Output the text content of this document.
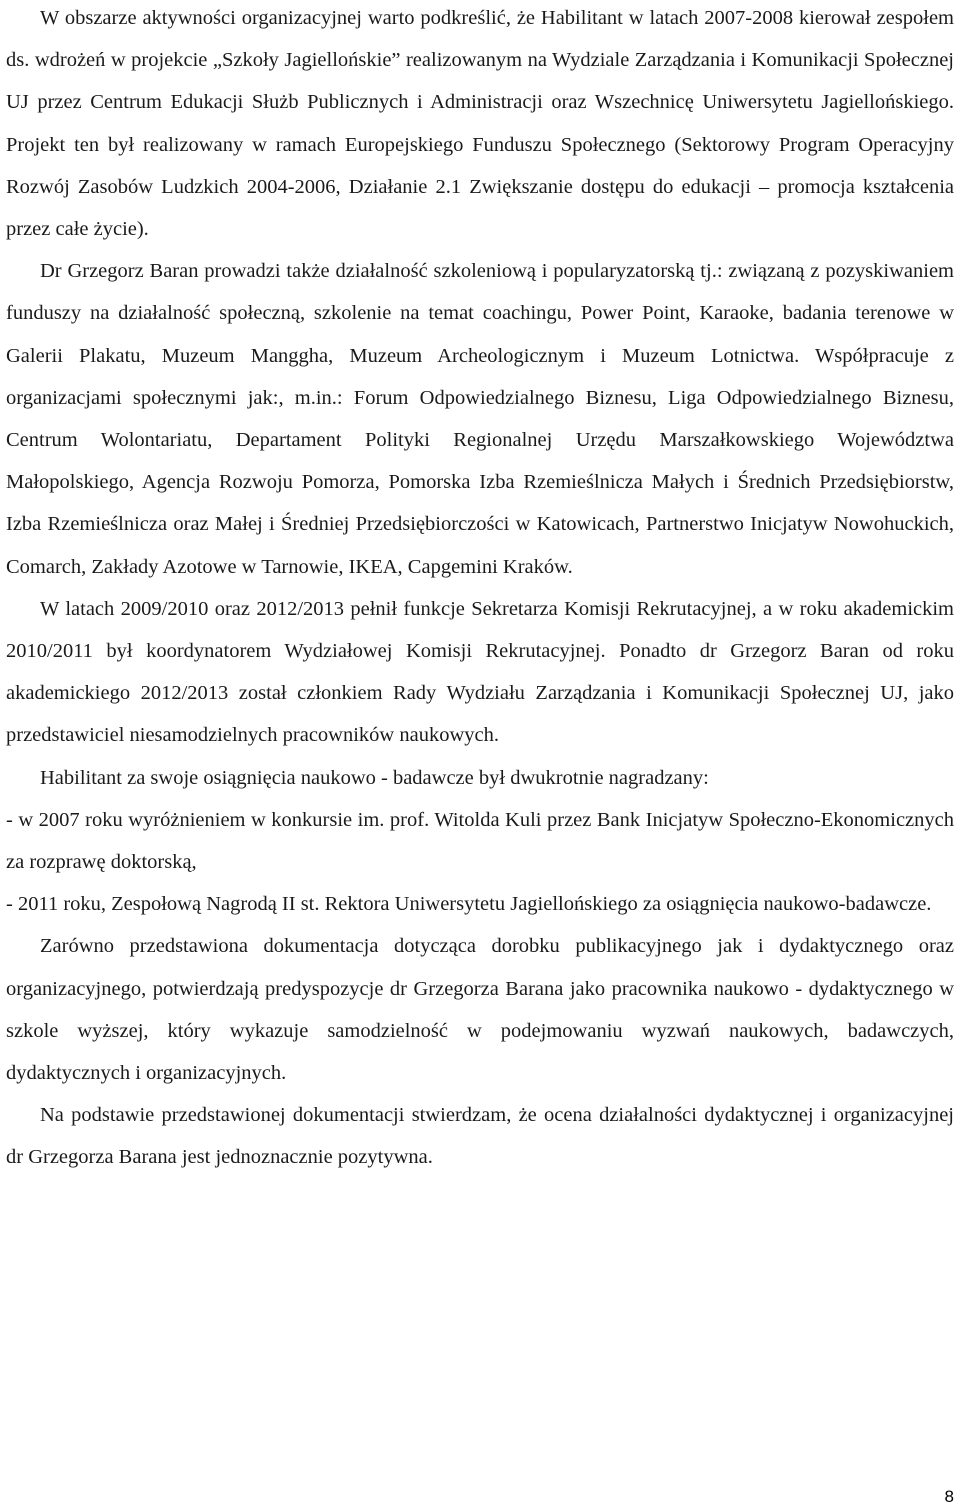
W obszarze aktywności organizacyjnej warto podkreślić, że Habilitant w latach 2007-2008 kierował zespołem ds. wdrożeń w projekcie „Szkoły Jagiellońskie” realizowanym na Wydziale Zarządzania i Komunikacji Społecznej UJ przez Centrum Edukacji Służb Publicznych i Administracji oraz Wszechnicę Uniwersytetu Jagiellońskiego. Projekt ten był realizowany w ramach Europejskiego Funduszu Społecznego (Sektorowy Program Operacyjny Rozwój Zasobów Ludzkich 2004-2006, Działanie 2.1 Zwiększanie dostępu do edukacji – promocja kształcenia przez całe życie).

Dr Grzegorz Baran prowadzi także działalność szkoleniową i popularyzatorską tj.: związaną z pozyskiwaniem funduszy na działalność społeczną, szkolenie na temat coachingu, Power Point, Karaoke, badania terenowe w Galerii Plakatu, Muzeum Manggha, Muzeum Archeologicznym i Muzeum Lotnictwa. Współpracuje z organizacjami społecznymi jak:, m.in.: Forum Odpowiedzialnego Biznesu, Liga Odpowiedzialnego Biznesu, Centrum Wolontariatu, Departament Polityki Regionalnej Urzędu Marszałkowskiego Województwa Małopolskiego, Agencja Rozwoju Pomorza, Pomorska Izba Rzemieślnicza Małych i Średnich Przedsiębiorstw, Izba Rzemieślnicza oraz Małej i Średniej Przedsiębiorczości w Katowicach, Partnerstwo Inicjatyw Nowohuckich, Comarch, Zakłady Azotowe w Tarnowie, IKEA, Capgemini Kraków.

W latach 2009/2010 oraz 2012/2013 pełnił funkcje Sekretarza Komisji Rekrutacyjnej, a w roku akademickim 2010/2011 był koordynatorem Wydziałowej Komisji Rekrutacyjnej. Ponadto dr Grzegorz Baran od roku akademickiego 2012/2013 został członkiem Rady Wydziału Zarządzania i Komunikacji Społecznej UJ, jako przedstawiciel niesamodzielnych pracowników naukowych.

Habilitant za swoje osiągnięcia naukowo - badawcze był dwukrotnie nagradzany:

- w 2007 roku wyróżnieniem w konkursie im. prof. Witolda Kuli przez Bank Inicjatyw Społeczno-Ekonomicznych za rozprawę doktorską,

- 2011 roku, Zespołową Nagrodą II st. Rektora Uniwersytetu Jagiellońskiego za osiągnięcia naukowo-badawcze.

Zarówno przedstawiona dokumentacja dotycząca dorobku publikacyjnego jak i dydaktycznego oraz organizacyjnego, potwierdzają predyspozycje dr Grzegorza Barana jako pracownika naukowo - dydaktycznego w szkole wyższej, który wykazuje samodzielność w podejmowaniu wyzwań naukowych, badawczych, dydaktycznych i organizacyjnych.

Na podstawie przedstawionej dokumentacji stwierdzam, że ocena działalności dydaktycznej i organizacyjnej dr Grzegorza Barana jest jednoznacznie pozytywna.

8
